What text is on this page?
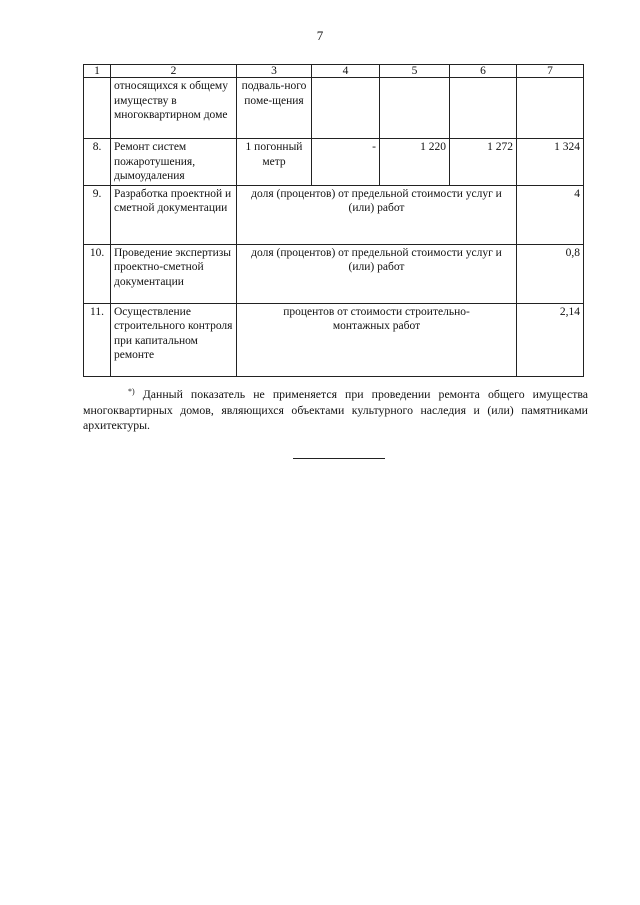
7
1	2	3	4	5	6	7
	относящихся к общему имуществу в многоквартирном доме	подваль-ного поме-щения				
8.	Ремонт систем пожаротушения, дымоудаления	1 погонный метр	-	1 220	1 272	1 324
9.	Разработка проектной и сметной документации	доля (процентов) от предельной стоимости услуг и (или) работ				4
10.	Проведение экспертизы проектно-сметной документации	доля (процентов) от предельной стоимости услуг и (или) работ				0,8
11.	Осуществление строительного контроля при капитальном ремонте	процентов от стоимости строительно-монтажных работ				2,14
*) Данный показатель не применяется при проведении ремонта общего имущества многоквартирных домов, являющихся объектами культурного наследия и (или) памятниками архитектуры.
